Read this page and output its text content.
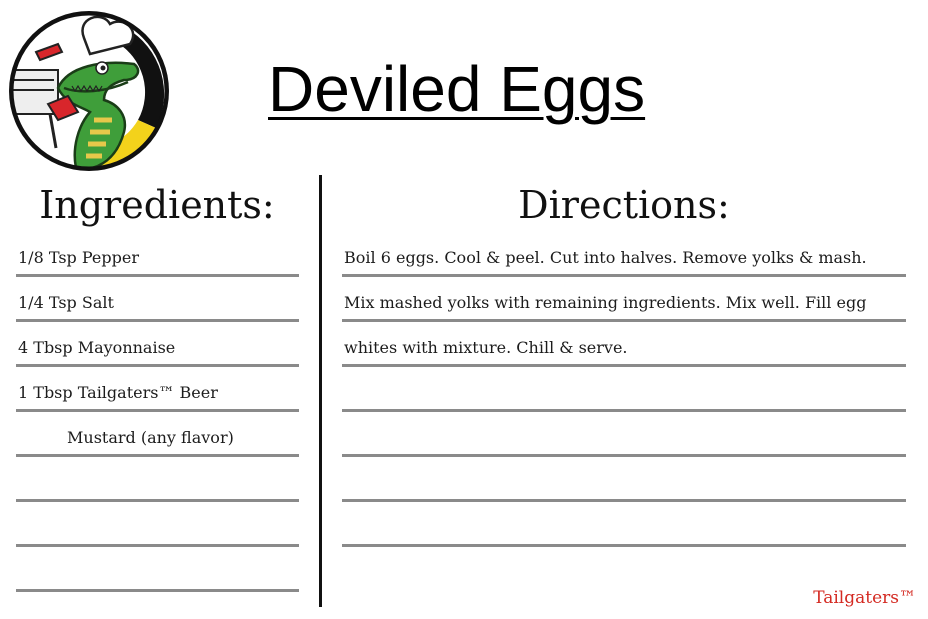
Deviled Eggs
Ingredients:	Directions:
1/8 Tsp Pepper
1/4 Tsp Salt
4 Tbsp Mayonnaise
1 Tbsp Tailgaters™ Beer
Mustard (any flavor)
Boil 6 eggs. Cool & peel. Cut into halves. Remove yolks & mash.
Mix mashed yolks with remaining ingredients. Mix well. Fill egg
whites with mixture. Chill & serve.
Tailgaters™
